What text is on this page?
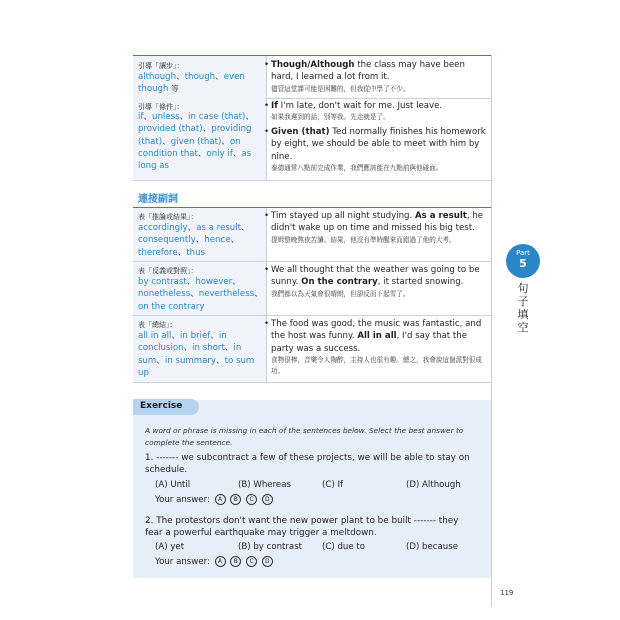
引導「讓步」：
although、though、even though 等
• Though/Although the class may have been hard, I learned a lot from it.
儘管這堂課可能是困難的，但我從中學了不少。
引導「條件」：
if、unless、in case (that)、provided (that)、providing (that)、given (that)、on condition that、only if、as long as
• If I'm late, don't wait for me. Just leave.
如果我遲到的話，別等我。先走就是了。
• Given (that) Ted normally finishes his homework by eight, we should be able to meet with him by nine.
泰德通常八點前完成作業，我們應該能在九點前與他碰面。
連接副詞
表「推論或結果」：
accordingly、as a result、consequently、hence、therefore、thus
• Tim stayed up all night studying. As a result, he didn't wake up on time and missed his big test.
提姆整晚熬夜苦讀。結果，他沒有準時醒來而錯過了他的大考。
表「反義或對照」：
by contrast、however、nonetheless、nevertheless、on the contrary
• We all thought that the weather was going to be sunny. On the contrary, it started snowing.
我們都以為天氣會很晴朗，但卻反而下起雪了。
表「總結」：
all in all、in brief、in conclusion、in short、in sum、in summary、to sum up
• The food was good, the music was fantastic, and the host was funny. All in all, I'd say that the party was a success.
食物很棒，音樂令人陶醉，主持人也很有趣。總之，我會說這個派對很成功。
Part
5
句
子
填
空
Exercise
A word or phrase is missing in each of the sentences below. Select the best answer to complete the sentence.
1. ------- we subcontract a few of these projects, we will be able to stay on schedule.
(A) Until	(B) Whereas	(C) If	(D) Although
Your answer: A B C D
2. The protestors don't want the new power plant to be built ------- they fear a powerful earthquake may trigger a meltdown.
(A) yet	(B) by contrast (C) due to	(D) because
Your answer: A B C D
119
